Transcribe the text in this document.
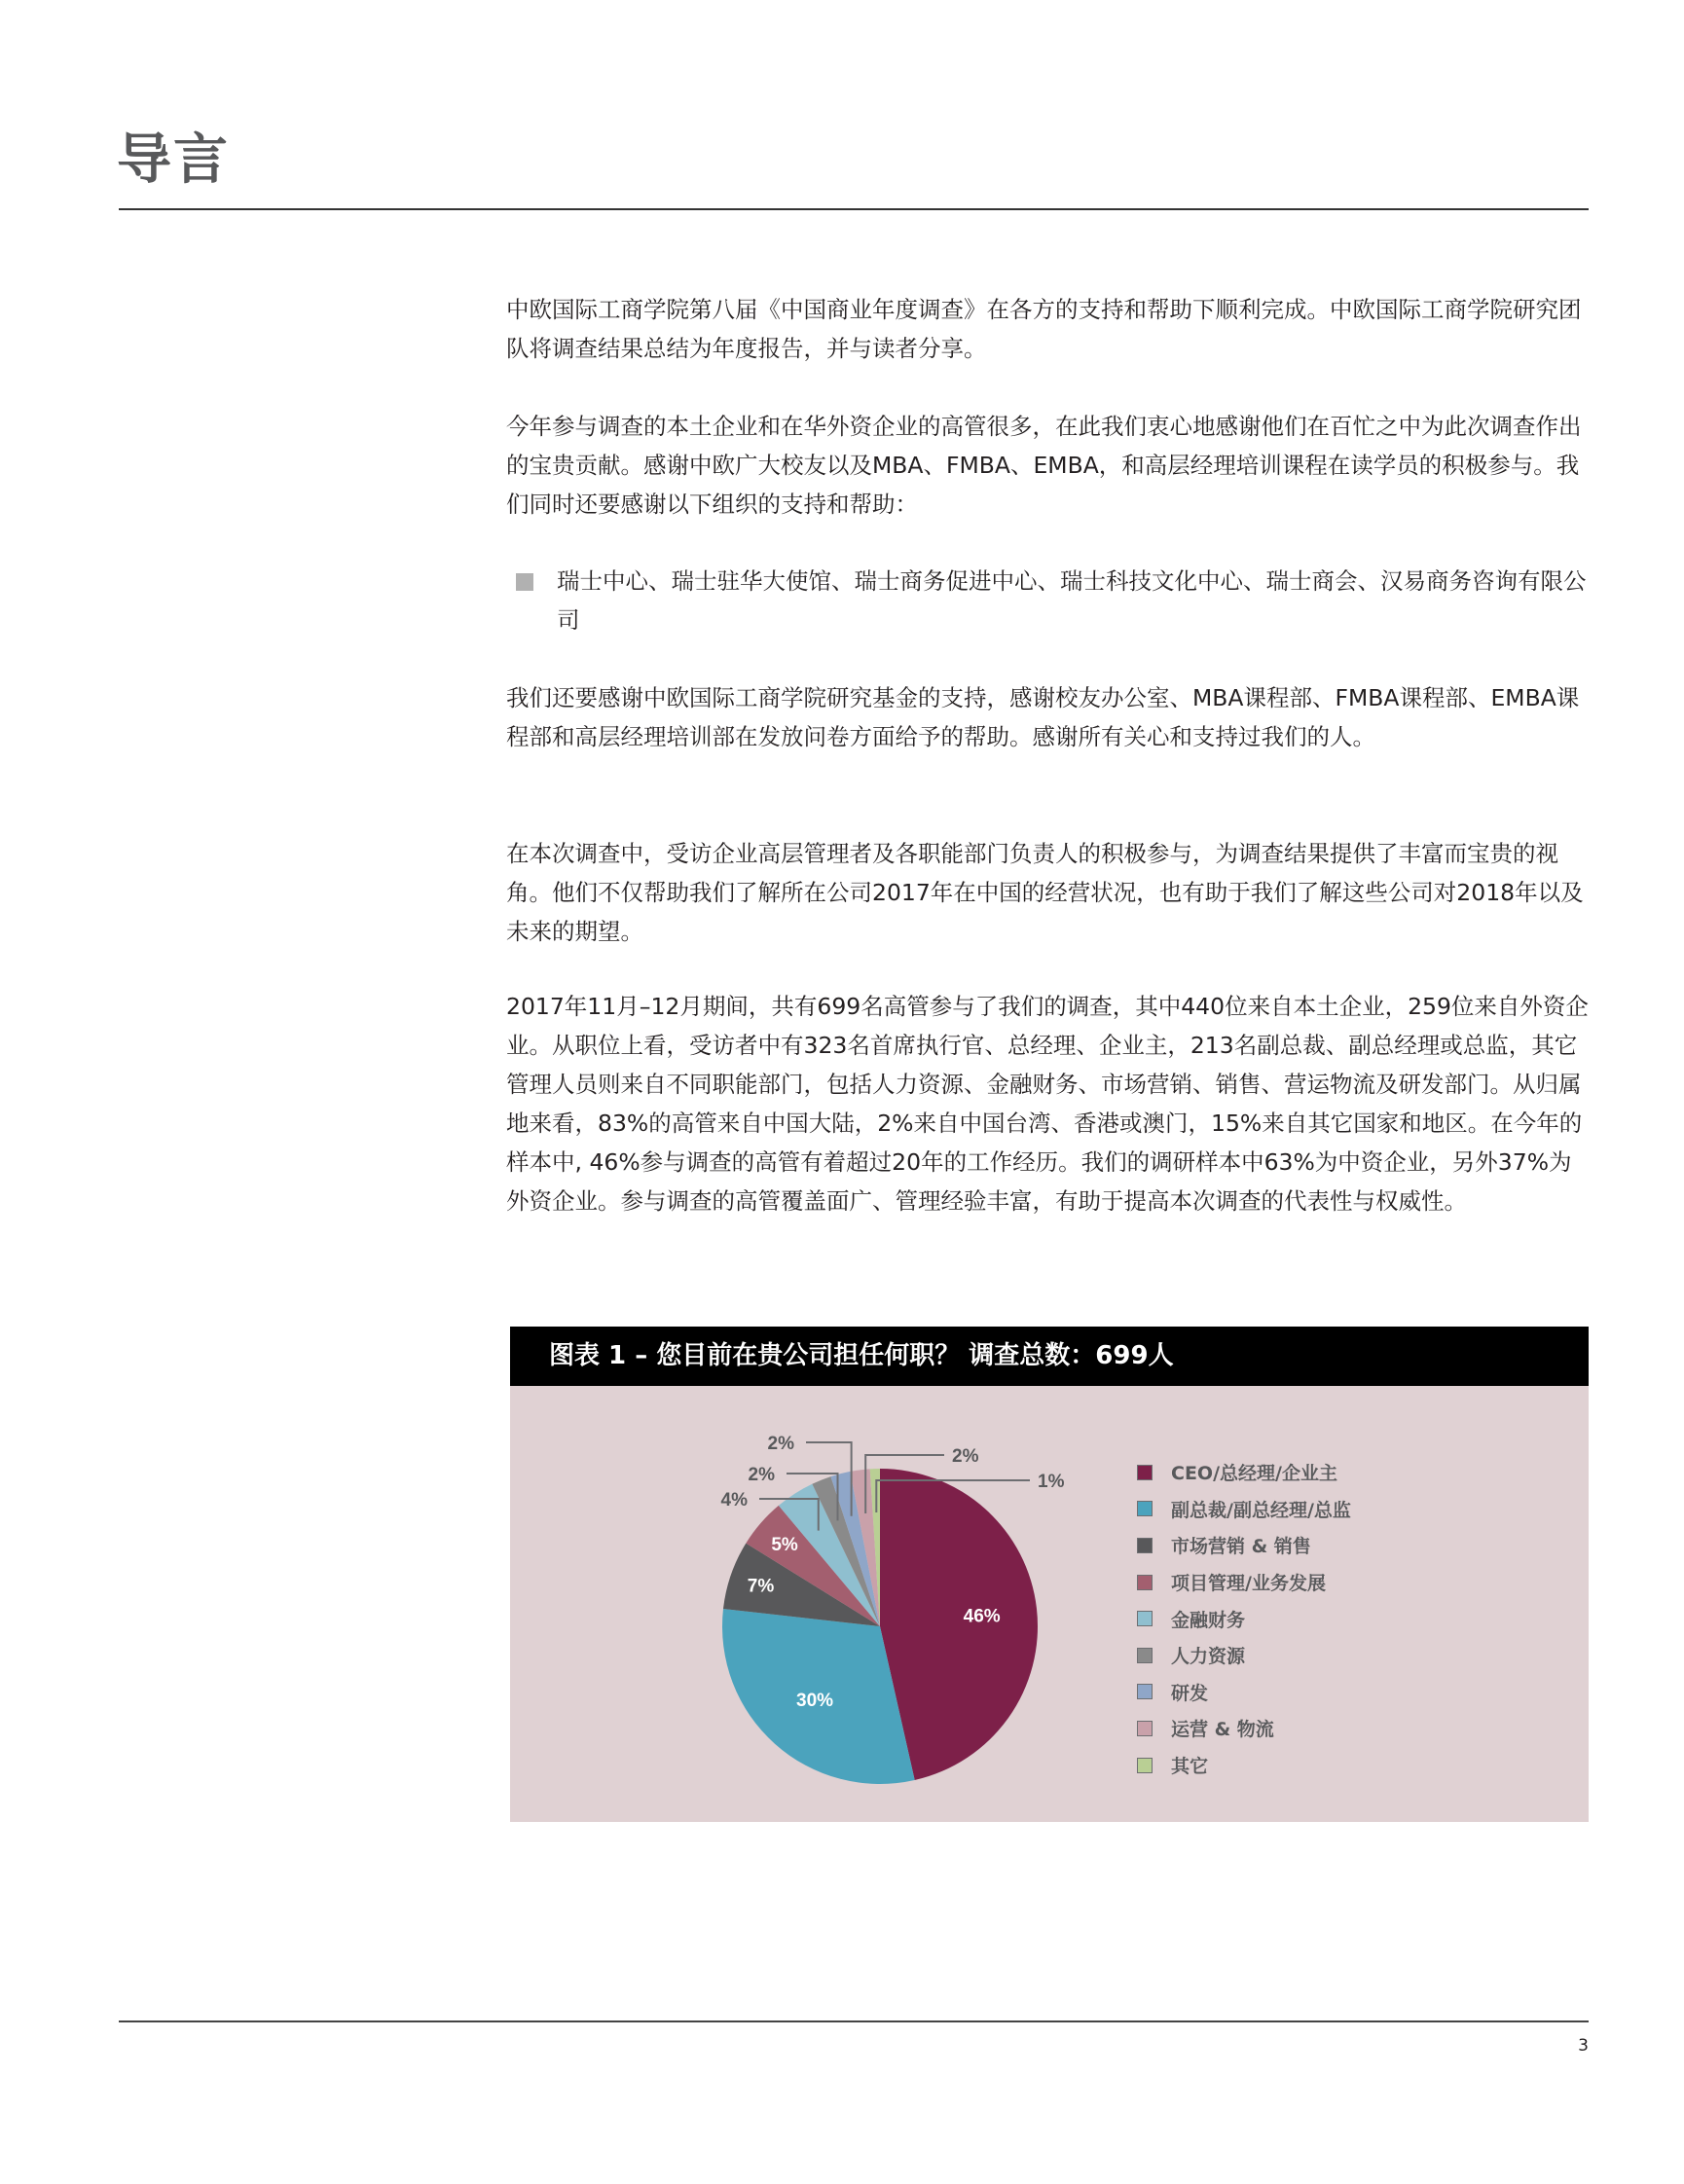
导言

中欧国际工商学院第八届《中国商业年度调查》在各方的支持和帮助下顺利完成。中欧国际工商学院研究团队将调查结果总结为年度报告，并与读者分享。

今年参与调查的本土企业和在华外资企业的高管很多，在此我们衷心地感谢他们在百忙之中为此次调查作出的宝贵贡献。感谢中欧广大校友以及MBA、FMBA、EMBA，和高层经理培训课程在读学员的积极参与。我们同时还要感谢以下组织的支持和帮助：

瑞士中心、瑞士驻华大使馆、瑞士商务促进中心、瑞士科技文化中心、瑞士商会、汉易商务咨询有限公司

我们还要感谢中欧国际工商学院研究基金的支持，感谢校友办公室、MBA课程部、FMBA课程部、EMBA课程部和高层经理培训部在发放问卷方面给予的帮助。感谢所有关心和支持过我们的人。

在本次调查中，受访企业高层管理者及各职能部门负责人的积极参与，为调查结果提供了丰富而宝贵的视角。他们不仅帮助我们了解所在公司2017年在中国的经营状况，也有助于我们了解这些公司对2018年以及未来的期望。

2017年11月–12月期间，共有699名高管参与了我们的调查，其中440位来自本土企业，259位来自外资企业。从职位上看，受访者中有323名首席执行官、总经理、企业主，213名副总裁、副总经理或总监，其它管理人员则来自不同职能部门，包括人力资源、金融财务、市场营销、销售、营运物流及研发部门。从归属地来看，83%的高管来自中国大陆，2%来自中国台湾、香港或澳门，15%来自其它国家和地区。在今年的样本中, 46%参与调查的高管有着超过20年的工作经历。我们的调研样本中63%为中资企业，另外37%为外资企业。参与调查的高管覆盖面广、管理经验丰富，有助于提高本次调查的代表性与权威性。

图表 1 – 您目前在贵公司担任何职？ 调查总数：699人
46%
30%
7%
5%
4%
2%
2%
2%
1%	CEO/总经理/企业主
副总裁/副总经理/总监
市场营销 & 销售
项目管理/业务发展
金融财务
人力资源
研发
运营 & 物流
其它
3
